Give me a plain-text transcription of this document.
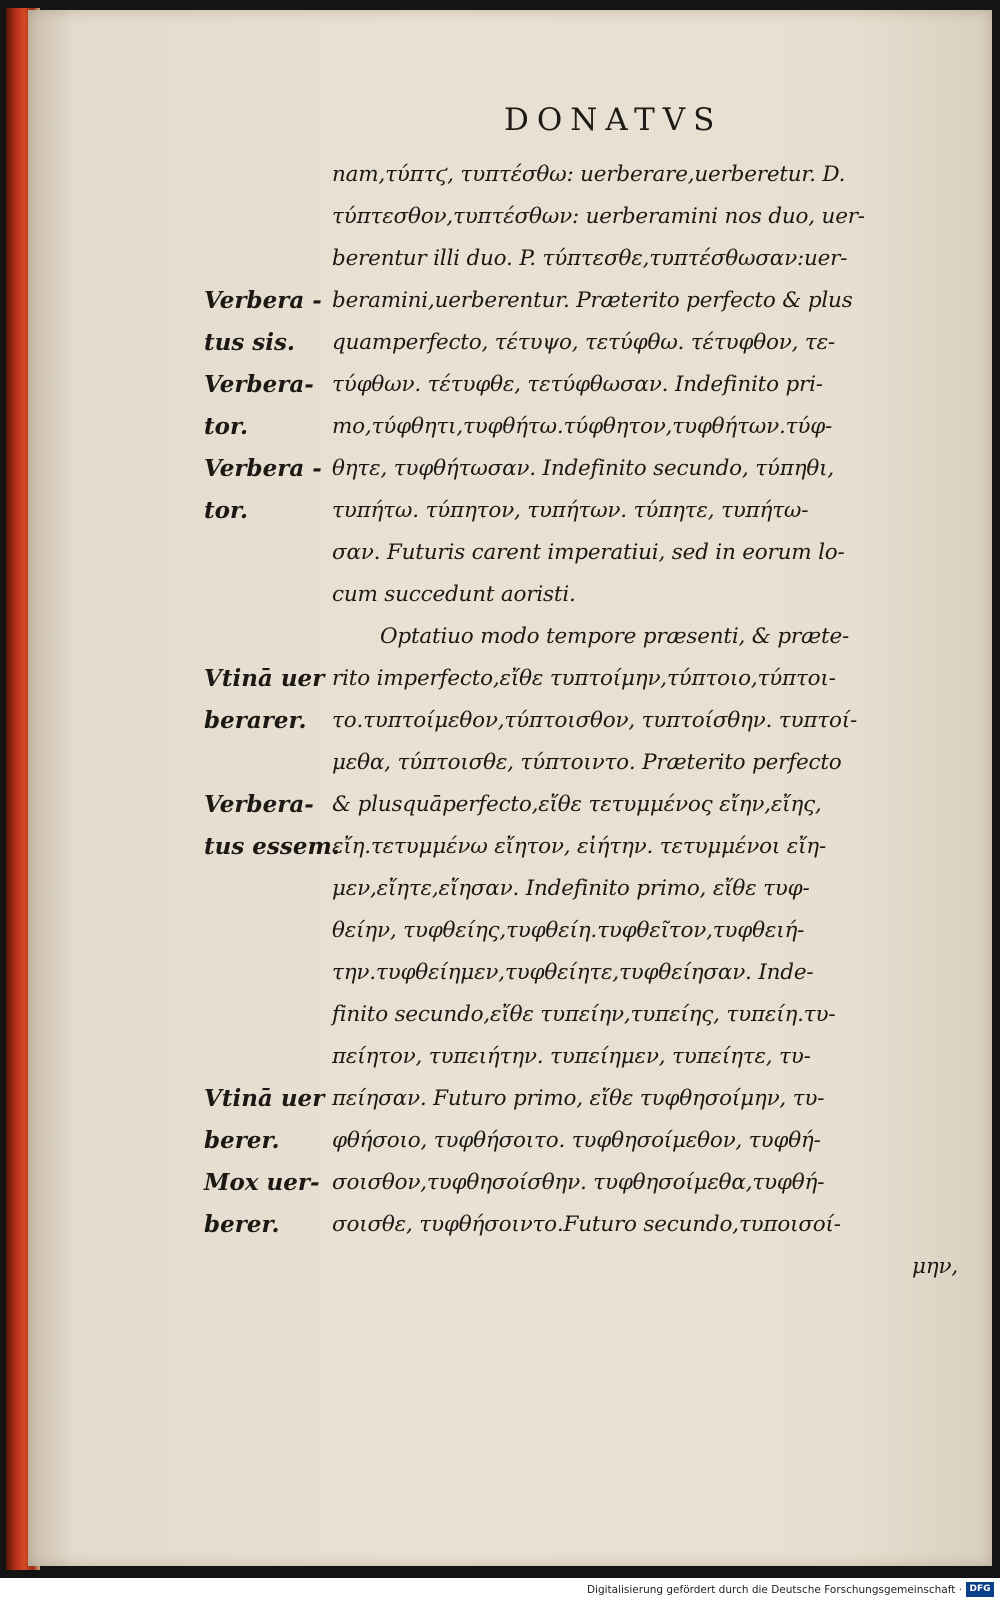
DONATVS
Verbera -
tus sis.
Verbera-
tor.
Verbera -
tor.
Vtinā uer
berarer.
Verbera-
tus essem.
Vtinā uer
berer.
Mox uer-
berer.
nam,τύπτϛ, τυπτέσθω: uerberare,uerberetur. D.
τύπτεσθον,τυπτέσθων: uerberamini nos duo, uer-
berentur illi duo. P. τύπτεσθε,τυπτέσθωσαν:uer-
beramini,uerberentur. Præterito perfecto & plus
quamperfecto, τέτυψο, τετύφθω. τέτυφθον, τε-
τύφθων. τέτυφθε, τετύφθωσαν. Indefinito pri-
mo,τύφθητι,τυφθήτω.τύφθητον,τυφθήτων.τύφ-
θητε, τυφθήτωσαν. Indefinito secundo, τύπηθι,
τυπήτω. τύπητον, τυπήτων. τύπητε, τυπήτω-
σαν. Futuris carent imperatiui, sed in eorum lo-
cum succedunt aoristi.
Optatiuo modo tempore præsenti, & præte-
rito imperfecto,εἴθε τυπτοίμην,τύπτοιο,τύπτοι-
το.τυπτοίμεθον,τύπτοισθον, τυπτοίσθην. τυπτοί-
μεθα, τύπτοισθε, τύπτοιντο. Præterito perfecto
& plusquāperfecto,εἴθε τετυμμένος εἴην,εἴης,
εἴη.τετυμμένω εἴητον, εἰήτην. τετυμμένοι εἴη-
μεν,εἴητε,εἴησαν. Indefinito primo, εἴθε τυφ-
θείην, τυφθείης,τυφθείη.τυφθεῖτον,τυφθειή-
την.τυφθείημεν,τυφθείητε,τυφθείησαν. Inde-
finito secundo,εἴθε τυπείην,τυπείης, τυπείη.τυ-
πείητον, τυπειήτην. τυπείημεν, τυπείητε, τυ-
πείησαν. Futuro primo, εἴθε τυφθησοίμην, τυ-
φθήσοιο, τυφθήσοιτο. τυφθησοίμεθον, τυφθή-
σοισθον,τυφθησοίσθην. τυφθησοίμεθα,τυφθή-
σοισθε, τυφθήσοιντο.Futuro secundo,τυποισοί-
μην,
Digitalisierung gefördert durch die Deutsche Forschungsgemeinschaft · DFG
